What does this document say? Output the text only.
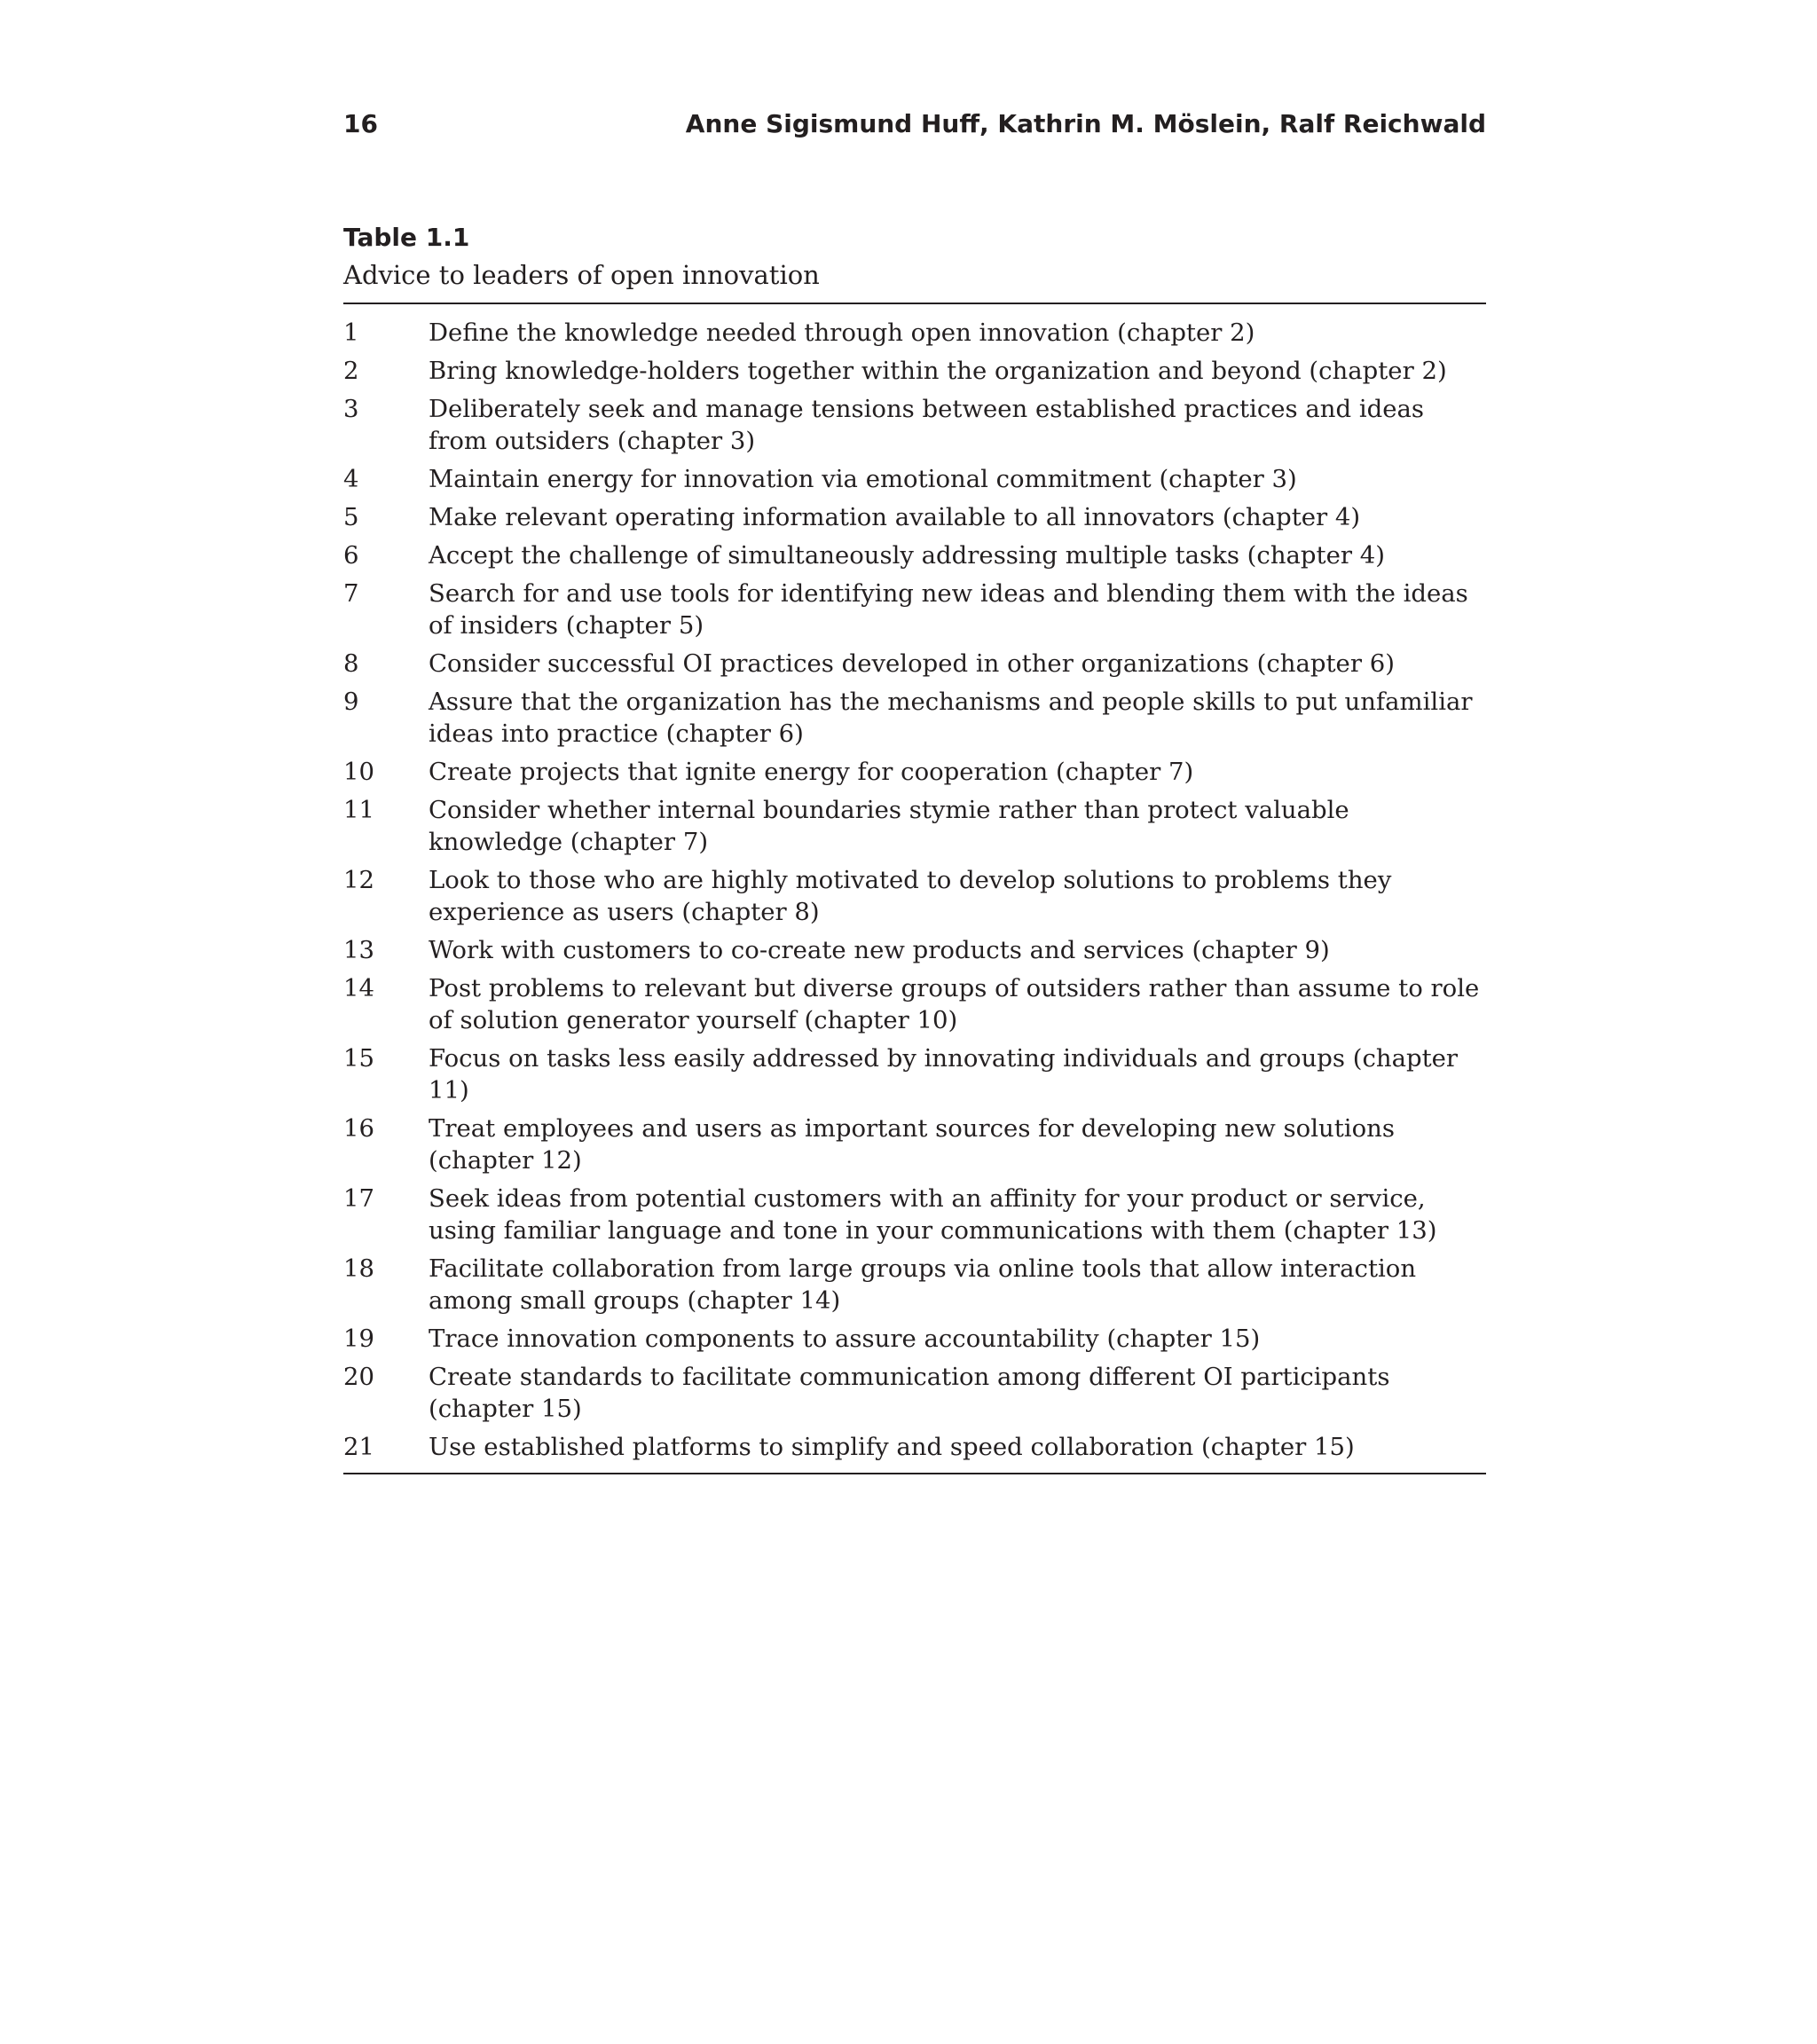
16	Anne Sigismund Huff, Kathrin M. Möslein, Ralf Reichwald
Table 1.1
Advice to leaders of open innovation
1	Define the knowledge needed through open innovation (chapter 2)
2	Bring knowledge-holders together within the organization and beyond (chapter 2)
3	Deliberately seek and manage tensions between established practices and ideas from outsiders (chapter 3)
4	Maintain energy for innovation via emotional commitment (chapter 3)
5	Make relevant operating information available to all innovators (chapter 4)
6	Accept the challenge of simultaneously addressing multiple tasks (chapter 4)
7	Search for and use tools for identifying new ideas and blending them with the ideas of insiders (chapter 5)
8	Consider successful OI practices developed in other organizations (chapter 6)
9	Assure that the organization has the mechanisms and people skills to put unfamiliar ideas into practice (chapter 6)
10	Create projects that ignite energy for cooperation (chapter 7)
11	Consider whether internal boundaries stymie rather than protect valuable knowledge (chapter 7)
12	Look to those who are highly motivated to develop solutions to problems they experience as users (chapter 8)
13	Work with customers to co-create new products and services (chapter 9)
14	Post problems to relevant but diverse groups of outsiders rather than assume to role of solution generator yourself (chapter 10)
15	Focus on tasks less easily addressed by innovating individuals and groups (chapter 11)
16	Treat employees and users as important sources for developing new solutions (chapter 12)
17	Seek ideas from potential customers with an affinity for your product or service, using familiar language and tone in your communications with them (chapter 13)
18	Facilitate collaboration from large groups via online tools that allow interaction among small groups (chapter 14)
19	Trace innovation components to assure accountability (chapter 15)
20	Create standards to facilitate communication among different OI participants (chapter 15)
21	Use established platforms to simplify and speed collaboration (chapter 15)
